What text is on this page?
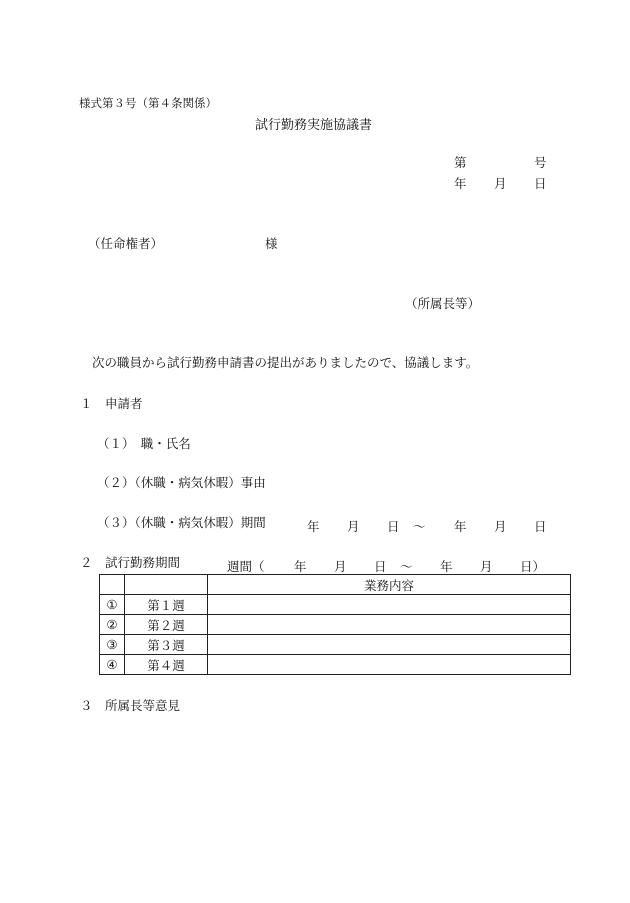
様式第３号（第４条関係）
試行勤務実施協議書
第	号
年 月 日
（任命権者）	様
（所属長等）
次の職員から試行勤務申請書の提出がありましたので、協議します。
１　申請者
（１）　職・氏名
（２）（休職・病気休暇）事由
（３）（休職・病気休暇）期間	年 月 日 ～ 年 月 日
２　試行勤務期間	週間（ 年 月 日 ～ 年 月 日）
		業務内容
①	第１週	
②	第２週	
③	第３週	
④	第４週	
３　所属長等意見
